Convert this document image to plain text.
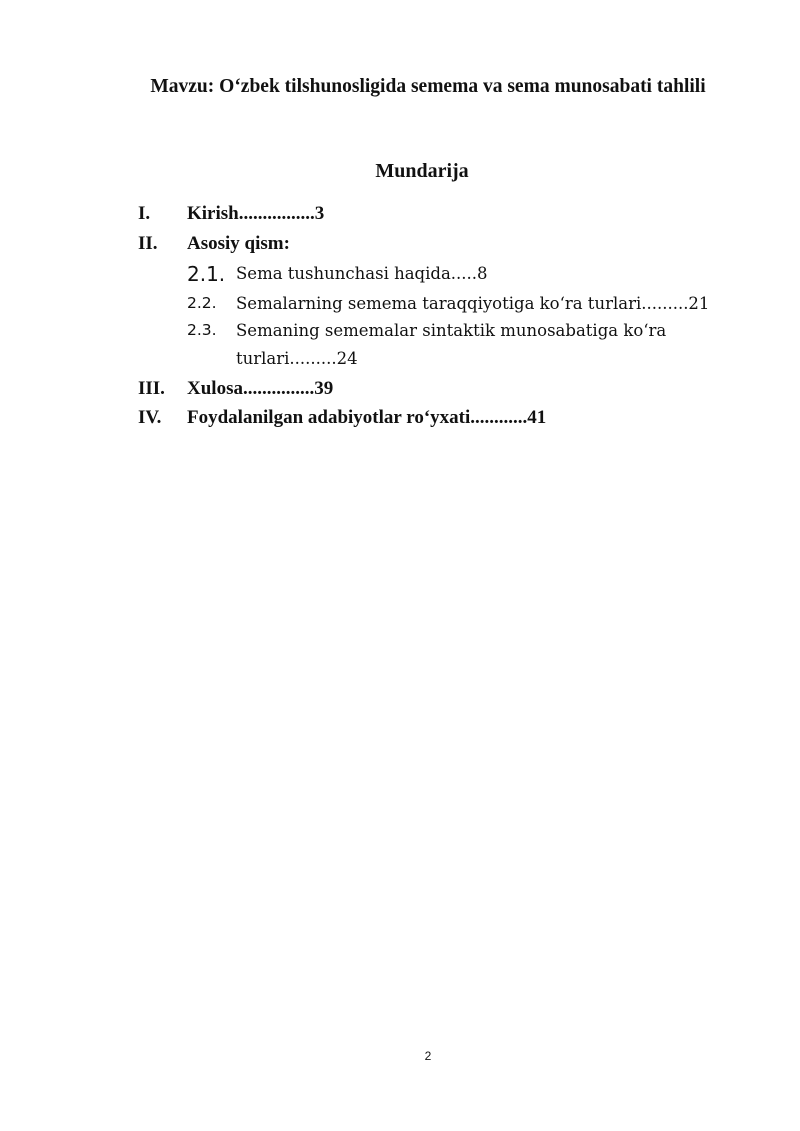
Mavzu: O‘zbek tilshunosligida semema va sema munosabati tahlili
Mundarija
I. Kirish................3
II. Asosiy qism:
2.1. Sema tushunchasi haqida.....8
2.2. Semalarning semema taraqqiyotiga ko‘ra turlari.........21
2.3. Semaning sememalar sintaktik munosabatiga ko‘ra
turlari.........24
III. Xulosa...............39
IV. Foydalanilgan adabiyotlar ro‘yxati............41
2
